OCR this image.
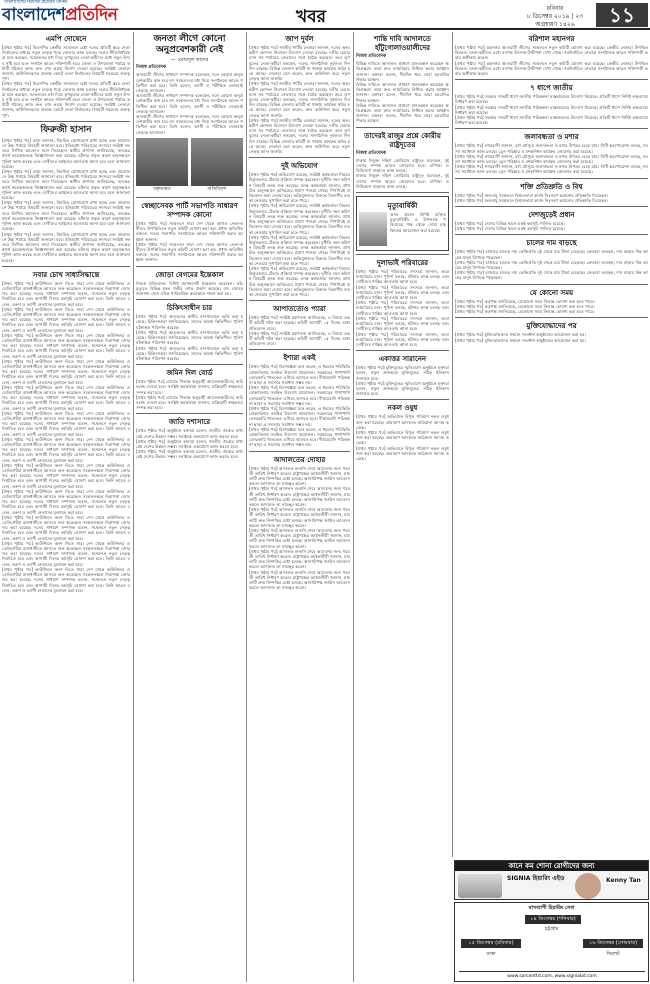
বাংলাদেশের সর্বাধিক প্রচারিত দৈনিক
বাংলাদেশপ্রতিদিন	খবর	রবিবার
৮ ডিসেম্বর ২০১৯ | ২৩ অগ্রহায়ণ ১৪২৬	১১
এমপি দোষেনে
[প্রথম পৃষ্ঠার পর] বিএনপির কেন্দ্রীয় সম্মেলনে চেষ্টা দলের প্রতিটি স্তরে নেতা নির্বাচনের মাধ্যমে নতুন নেতৃত্ব গড়ে তোলার কাজ চলছে। দলের নীতিনির্ধারকরা মনে করছেন, সম্মেলনের মধ্য দিয়ে তৃণমূলের নেতা-কর্মীদের মধ্যে নতুন উদ্যম সৃষ্টি হবে এবং সংগঠন আরও শক্তিশালী হবে। জেলা ও উপজেলা পর্যায়ে কমিটি গঠনের কাজ দ্রুত শেষ করার নির্দেশ দেওয়া হয়েছে। সংশ্লিষ্ট নেতারা জানান, কাউন্সিলরদের প্রত্যক্ষ ভোটে নেতা নির্বাচনের বিষয়টি সবচেয়ে গুরুত্বপূর্ণ।
[প্রথম পৃষ্ঠার পর] বিএনপির কেন্দ্রীয় সম্মেলনে চেষ্টা দলের প্রতিটি স্তরে নেতা নির্বাচনের মাধ্যমে নতুন নেতৃত্ব গড়ে তোলার কাজ চলছে। দলের নীতিনির্ধারকরা মনে করছেন, সম্মেলনের মধ্য দিয়ে তৃণমূলের নেতা-কর্মীদের মধ্যে নতুন উদ্যম সৃষ্টি হবে এবং সংগঠন আরও শক্তিশালী হবে। জেলা ও উপজেলা পর্যায়ে কমিটি গঠনের কাজ দ্রুত শেষ করার নির্দেশ দেওয়া হয়েছে। সংশ্লিষ্ট নেতারা জানান, কাউন্সিলরদের প্রত্যক্ষ ভোটে নেতা নির্বাচনের বিষয়টি সবচেয়ে গুরুত্বপূর্ণ।
ফিরুজী হাসান
[প্রথম পৃষ্ঠার পর] তারা জানান, নিয়মিত যোগাযোগ রাখা হচ্ছে এবং প্রয়োজনে উচ্চ পর্যায়ে বিষয়টি জানানো হবে। ইতিমধ্যে পরিবারের সদস্যরা সংশ্লিষ্ট দফতরে লিখিত আবেদন জমা দিয়েছেন। স্থানীয় প্রশাসন জানিয়েছে, তদন্তের স্বার্থে কয়েকজনকে জিজ্ঞাসাবাদ করা হয়েছে। ঘটনার প্রকৃত কারণ অনুসন্ধানে পুলিশ কাজ করছে এবং দোষীদের আইনের আওতায় আনা হবে বলে জানানো হয়েছে।
[প্রথম পৃষ্ঠার পর] তারা জানান, নিয়মিত যোগাযোগ রাখা হচ্ছে এবং প্রয়োজনে উচ্চ পর্যায়ে বিষয়টি জানানো হবে। ইতিমধ্যে পরিবারের সদস্যরা সংশ্লিষ্ট দফতরে লিখিত আবেদন জমা দিয়েছেন। স্থানীয় প্রশাসন জানিয়েছে, তদন্তের স্বার্থে কয়েকজনকে জিজ্ঞাসাবাদ করা হয়েছে। ঘটনার প্রকৃত কারণ অনুসন্ধানে পুলিশ কাজ করছে এবং দোষীদের আইনের আওতায় আনা হবে বলে জানানো হয়েছে।
[প্রথম পৃষ্ঠার পর] তারা জানান, নিয়মিত যোগাযোগ রাখা হচ্ছে এবং প্রয়োজনে উচ্চ পর্যায়ে বিষয়টি জানানো হবে। ইতিমধ্যে পরিবারের সদস্যরা সংশ্লিষ্ট দফতরে লিখিত আবেদন জমা দিয়েছেন। স্থানীয় প্রশাসন জানিয়েছে, তদন্তের স্বার্থে কয়েকজনকে জিজ্ঞাসাবাদ করা হয়েছে। ঘটনার প্রকৃত কারণ অনুসন্ধানে পুলিশ কাজ করছে এবং দোষীদের আইনের আওতায় আনা হবে বলে জানানো হয়েছে।
[প্রথম পৃষ্ঠার পর] তারা জানান, নিয়মিত যোগাযোগ রাখা হচ্ছে এবং প্রয়োজনে উচ্চ পর্যায়ে বিষয়টি জানানো হবে। ইতিমধ্যে পরিবারের সদস্যরা সংশ্লিষ্ট দফতরে লিখিত আবেদন জমা দিয়েছেন। স্থানীয় প্রশাসন জানিয়েছে, তদন্তের স্বার্থে কয়েকজনকে জিজ্ঞাসাবাদ করা হয়েছে। ঘটনার প্রকৃত কারণ অনুসন্ধানে পুলিশ কাজ করছে এবং দোষীদের আইনের আওতায় আনা হবে বলে জানানো হয়েছে।
সবার চোখ সাধ্যসিদ্ধান্তে
[প্রথম পৃষ্ঠার পর] কাউন্সিলে অংশ নিতে সারা দেশ থেকে কাউন্সিলর ও ডেলিগেটরা রাজধানীতে আসতে শুরু করেছেন। সম্মেলনস্থলে নিরাপত্তা জোরদার করা হয়েছে। দলের সাধারণ সম্পাদক বলেন, সম্মেলনে নতুন নেতৃত্ব নির্বাচিত হবে এবং আগামী দিনের কর্মসূচি ঘোষণা করা হবে। তিনি আরও বলেন, তরুণ ও ত্যাগী নেতাদের মূল্যায়ন করা হবে।
[প্রথম পৃষ্ঠার পর] কাউন্সিলে অংশ নিতে সারা দেশ থেকে কাউন্সিলর ও ডেলিগেটরা রাজধানীতে আসতে শুরু করেছেন। সম্মেলনস্থলে নিরাপত্তা জোরদার করা হয়েছে। দলের সাধারণ সম্পাদক বলেন, সম্মেলনে নতুন নেতৃত্ব নির্বাচিত হবে এবং আগামী দিনের কর্মসূচি ঘোষণা করা হবে। তিনি আরও বলেন, তরুণ ও ত্যাগী নেতাদের মূল্যায়ন করা হবে।
[প্রথম পৃষ্ঠার পর] কাউন্সিলে অংশ নিতে সারা দেশ থেকে কাউন্সিলর ও ডেলিগেটরা রাজধানীতে আসতে শুরু করেছেন। সম্মেলনস্থলে নিরাপত্তা জোরদার করা হয়েছে। দলের সাধারণ সম্পাদক বলেন, সম্মেলনে নতুন নেতৃত্ব নির্বাচিত হবে এবং আগামী দিনের কর্মসূচি ঘোষণা করা হবে। তিনি আরও বলেন, তরুণ ও ত্যাগী নেতাদের মূল্যায়ন করা হবে।
[প্রথম পৃষ্ঠার পর] কাউন্সিলে অংশ নিতে সারা দেশ থেকে কাউন্সিলর ও ডেলিগেটরা রাজধানীতে আসতে শুরু করেছেন। সম্মেলনস্থলে নিরাপত্তা জোরদার করা হয়েছে। দলের সাধারণ সম্পাদক বলেন, সম্মেলনে নতুন নেতৃত্ব নির্বাচিত হবে এবং আগামী দিনের কর্মসূচি ঘোষণা করা হবে। তিনি আরও বলেন, তরুণ ও ত্যাগী নেতাদের মূল্যায়ন করা হবে।
[প্রথম পৃষ্ঠার পর] কাউন্সিলে অংশ নিতে সারা দেশ থেকে কাউন্সিলর ও ডেলিগেটরা রাজধানীতে আসতে শুরু করেছেন। সম্মেলনস্থলে নিরাপত্তা জোরদার করা হয়েছে। দলের সাধারণ সম্পাদক বলেন, সম্মেলনে নতুন নেতৃত্ব নির্বাচিত হবে এবং আগামী দিনের কর্মসূচি ঘোষণা করা হবে। তিনি আরও বলেন, তরুণ ও ত্যাগী নেতাদের মূল্যায়ন করা হবে।
[প্রথম পৃষ্ঠার পর] কাউন্সিলে অংশ নিতে সারা দেশ থেকে কাউন্সিলর ও ডেলিগেটরা রাজধানীতে আসতে শুরু করেছেন। সম্মেলনস্থলে নিরাপত্তা জোরদার করা হয়েছে। দলের সাধারণ সম্পাদক বলেন, সম্মেলনে নতুন নেতৃত্ব নির্বাচিত হবে এবং আগামী দিনের কর্মসূচি ঘোষণা করা হবে। তিনি আরও বলেন, তরুণ ও ত্যাগী নেতাদের মূল্যায়ন করা হবে।
[প্রথম পৃষ্ঠার পর] কাউন্সিলে অংশ নিতে সারা দেশ থেকে কাউন্সিলর ও ডেলিগেটরা রাজধানীতে আসতে শুরু করেছেন। সম্মেলনস্থলে নিরাপত্তা জোরদার করা হয়েছে। দলের সাধারণ সম্পাদক বলেন, সম্মেলনে নতুন নেতৃত্ব নির্বাচিত হবে এবং আগামী দিনের কর্মসূচি ঘোষণা করা হবে। তিনি আরও বলেন, তরুণ ও ত্যাগী নেতাদের মূল্যায়ন করা হবে।
[প্রথম পৃষ্ঠার পর] কাউন্সিলে অংশ নিতে সারা দেশ থেকে কাউন্সিলর ও ডেলিগেটরা রাজধানীতে আসতে শুরু করেছেন। সম্মেলনস্থলে নিরাপত্তা জোরদার করা হয়েছে। দলের সাধারণ সম্পাদক বলেন, সম্মেলনে নতুন নেতৃত্ব নির্বাচিত হবে এবং আগামী দিনের কর্মসূচি ঘোষণা করা হবে। তিনি আরও বলেন, তরুণ ও ত্যাগী নেতাদের মূল্যায়ন করা হবে।
[প্রথম পৃষ্ঠার পর] কাউন্সিলে অংশ নিতে সারা দেশ থেকে কাউন্সিলর ও ডেলিগেটরা রাজধানীতে আসতে শুরু করেছেন। সম্মেলনস্থলে নিরাপত্তা জোরদার করা হয়েছে। দলের সাধারণ সম্পাদক বলেন, সম্মেলনে নতুন নেতৃত্ব নির্বাচিত হবে এবং আগামী দিনের কর্মসূচি ঘোষণা করা হবে। তিনি আরও বলেন, তরুণ ও ত্যাগী নেতাদের মূল্যায়ন করা হবে।
[প্রথম পৃষ্ঠার পর] কাউন্সিলে অংশ নিতে সারা দেশ থেকে কাউন্সিলর ও ডেলিগেটরা রাজধানীতে আসতে শুরু করেছেন। সম্মেলনস্থলে নিরাপত্তা জোরদার করা হয়েছে। দলের সাধারণ সম্পাদক বলেন, সম্মেলনে নতুন নেতৃত্ব নির্বাচিত হবে এবং আগামী দিনের কর্মসূচি ঘোষণা করা হবে। তিনি আরও বলেন, তরুণ ও ত্যাগী নেতাদের মূল্যায়ন করা হবে।
[প্রথম পৃষ্ঠার পর] কাউন্সিলে অংশ নিতে সারা দেশ থেকে কাউন্সিলর ও ডেলিগেটরা রাজধানীতে আসতে শুরু করেছেন। সম্মেলনস্থলে নিরাপত্তা জোরদার করা হয়েছে। দলের সাধারণ সম্পাদক বলেন, সম্মেলনে নতুন নেতৃত্ব নির্বাচিত হবে এবং আগামী দিনের কর্মসূচি ঘোষণা করা হবে। তিনি আরও বলেন, তরুণ ও ত্যাগী নেতাদের মূল্যায়ন করা হবে।
[প্রথম পৃষ্ঠার পর] কাউন্সিলে অংশ নিতে সারা দেশ থেকে কাউন্সিলর ও ডেলিগেটরা রাজধানীতে আসতে শুরু করেছেন। সম্মেলনস্থলে নিরাপত্তা জোরদার করা হয়েছে। দলের সাধারণ সম্পাদক বলেন, সম্মেলনে নতুন নেতৃত্ব নির্বাচিত হবে এবং আগামী দিনের কর্মসূচি ঘোষণা করা হবে। তিনি আরও বলেন, তরুণ ও ত্যাগী নেতাদের মূল্যায়ন করা হবে।
জনতা লীগে কোনো অনুপ্রবেশকারী নেই
— ওবায়দুল কাদের
নিজস্ব প্রতিবেদক
আওয়ামী লীগের সাধারণ সম্পাদক বলেছেন, দলে কোনো অনুপ্রবেশকারীর স্থান হবে না। সম্মেলনের মধ্য দিয়ে সংগঠনকে আরও গতিশীল করা হবে। তিনি বলেন, ত্যাগী ও পরীক্ষিত নেতারাই নেতৃত্বে আসবেন।
আওয়ামী লীগের সাধারণ সম্পাদক বলেছেন, দলে কোনো অনুপ্রবেশকারীর স্থান হবে না। সম্মেলনের মধ্য দিয়ে সংগঠনকে আরও গতিশীল করা হবে। তিনি বলেন, ত্যাগী ও পরীক্ষিত নেতারাই নেতৃত্বে আসবেন।
আওয়ামী লীগের সাধারণ সম্পাদক বলেছেন, দলে কোনো অনুপ্রবেশকারীর স্থান হবে না। সম্মেলনের মধ্য দিয়ে সংগঠনকে আরও গতিশীল করা হবে। তিনি বলেন, ত্যাগী ও পরীক্ষিত নেতারাই নেতৃত্বে আসবেন।
বক্তৃতারত	অতিথিবৃন্দ
স্বেচ্ছাসেবক পার্টি সভাপতি সাধারণ সম্পাদক কোনো
[প্রথম পৃষ্ঠার পর] সম্মেলনে সারা দেশ থেকে আগত নেতা-কর্মীদের উপস্থিতিতে নতুন কমিটি ঘোষণা করা হয়। প্রধান অতিথির বক্তব্যে দলের সভাপতি সংগঠনকে আরও শক্তিশালী করার আহ্বান জানান।
[প্রথম পৃষ্ঠার পর] সম্মেলনে সারা দেশ থেকে আগত নেতা-কর্মীদের উপস্থিতিতে নতুন কমিটি ঘোষণা করা হয়। প্রধান অতিথির বক্তব্যে দলের সভাপতি সংগঠনকে আরও শক্তিশালী করার আহ্বান জানান।
জোড়া বেগমের ইন্তেকাল
নিজস্ব প্রতিবেদক: বিশিষ্ট সমাজসেবী ইন্তেকাল করেছেন। তাঁর মৃত্যুতে বিভিন্ন মহল গভীর শোক প্রকাশ করেছে। বাদ জোহর জানাজা শেষে তাঁকে পারিবারিক কবরস্থানে দাফন করা হয়।
চিকিৎসাধীন চার
[প্রথম পৃষ্ঠার পর] আহতদের স্থানীয় হাসপাতালে ভর্তি করা হয়েছে। চিকিৎসকরা জানিয়েছেন, তাদের অবস্থা স্থিতিশীল। পুলিশ ঘটনাস্থল পরিদর্শন করেছে।
[প্রথম পৃষ্ঠার পর] আহতদের স্থানীয় হাসপাতালে ভর্তি করা হয়েছে। চিকিৎসকরা জানিয়েছেন, তাদের অবস্থা স্থিতিশীল। পুলিশ ঘটনাস্থল পরিদর্শন করেছে।
[প্রথম পৃষ্ঠার পর] আহতদের স্থানীয় হাসপাতালে ভর্তি করা হয়েছে। চিকিৎসকরা জানিয়েছেন, তাদের অবস্থা স্থিতিশীল। পুলিশ ঘটনাস্থল পরিদর্শন করেছে।
জমিন দিল বোর্ড
[প্রথম পৃষ্ঠার পর] বোর্ডের সিদ্ধান্ত অনুযায়ী আবেদনকারীদের জমি বরাদ্দ দেওয়া হবে। সংশ্লিষ্ট কর্মকর্তারা জানান, প্রক্রিয়াটি স্বচ্ছভাবে সম্পন্ন করা হবে।
[প্রথম পৃষ্ঠার পর] বোর্ডের সিদ্ধান্ত অনুযায়ী আবেদনকারীদের জমি বরাদ্দ দেওয়া হবে। সংশ্লিষ্ট কর্মকর্তারা জানান, প্রক্রিয়াটি স্বচ্ছভাবে সম্পন্ন করা হবে।
জাতি দশাসারে
[প্রথম পৃষ্ঠার পর] অনুষ্ঠানে বক্তারা বলেন, জাতীয় ঐক্যের মাধ্যমেই দেশের উন্নয়ন সম্ভব। সবাইকে একযোগে কাজ করতে হবে।
[প্রথম পৃষ্ঠার পর] অনুষ্ঠানে বক্তারা বলেন, জাতীয় ঐক্যের মাধ্যমেই দেশের উন্নয়ন সম্ভব। সবাইকে একযোগে কাজ করতে হবে।
[প্রথম পৃষ্ঠার পর] অনুষ্ঠানে বক্তারা বলেন, জাতীয় ঐক্যের মাধ্যমেই দেশের উন্নয়ন সম্ভব। সবাইকে একযোগে কাজ করতে হবে।
জাপ দুর্বল
[প্রথম পৃষ্ঠার পর] জাতীয় পার্টির নেতারা জানান, দলের অভ্যন্তরীণ কোন্দল নিরসনে উদ্যোগ নেওয়া হয়েছে। দলীয় চেয়ারম্যান সব পর্যায়ের নেতাদের সঙ্গে বৈঠক করছেন। তবে তৃণমূলের নেতা-কর্মীরা বলছেন, দলের সাংগঠনিক দুর্বলতা দিন দিন বাড়ছে। বিভিন্ন জেলায় কমিটি না থাকায় কার্যক্রম স্থবির হয়ে আছে। নেতারা মনে করেন, দ্রুত কাউন্সিল করে নতুন নেতৃত্ব আনা জরুরি।
[প্রথম পৃষ্ঠার পর] জাতীয় পার্টির নেতারা জানান, দলের অভ্যন্তরীণ কোন্দল নিরসনে উদ্যোগ নেওয়া হয়েছে। দলীয় চেয়ারম্যান সব পর্যায়ের নেতাদের সঙ্গে বৈঠক করছেন। তবে তৃণমূলের নেতা-কর্মীরা বলছেন, দলের সাংগঠনিক দুর্বলতা দিন দিন বাড়ছে। বিভিন্ন জেলায় কমিটি না থাকায় কার্যক্রম স্থবির হয়ে আছে। নেতারা মনে করেন, দ্রুত কাউন্সিল করে নতুন নেতৃত্ব আনা জরুরি।
[প্রথম পৃষ্ঠার পর] জাতীয় পার্টির নেতারা জানান, দলের অভ্যন্তরীণ কোন্দল নিরসনে উদ্যোগ নেওয়া হয়েছে। দলীয় চেয়ারম্যান সব পর্যায়ের নেতাদের সঙ্গে বৈঠক করছেন। তবে তৃণমূলের নেতা-কর্মীরা বলছেন, দলের সাংগঠনিক দুর্বলতা দিন দিন বাড়ছে। বিভিন্ন জেলায় কমিটি না থাকায় কার্যক্রম স্থবির হয়ে আছে। নেতারা মনে করেন, দ্রুত কাউন্সিল করে নতুন নেতৃত্ব আনা জরুরি।
দুই অভিযোগ
[প্রথম পৃষ্ঠার পর] অভিযোগ রয়েছে, সংশ্লিষ্ট কর্মকর্তারা নিয়মবহির্ভূতভাবে টেন্ডার প্রক্রিয়া সম্পন্ন করেছেন। দুর্নীতি দমন কমিশন বিষয়টি তদন্ত শুরু করেছে। তদন্ত কর্মকর্তারা জানান, প্রাথমিক অনুসন্ধানে অনিয়মের প্রমাণ পাওয়া গেছে। শিগগিরই প্রতিবেদন জমা দেওয়া হবে। অভিযুক্তদের বিরুদ্ধে বিভাগীয় ব্যবস্থা নেওয়ার সুপারিশ করা হতে পারে।
[প্রথম পৃষ্ঠার পর] অভিযোগ রয়েছে, সংশ্লিষ্ট কর্মকর্তারা নিয়মবহির্ভূতভাবে টেন্ডার প্রক্রিয়া সম্পন্ন করেছেন। দুর্নীতি দমন কমিশন বিষয়টি তদন্ত শুরু করেছে। তদন্ত কর্মকর্তারা জানান, প্রাথমিক অনুসন্ধানে অনিয়মের প্রমাণ পাওয়া গেছে। শিগগিরই প্রতিবেদন জমা দেওয়া হবে। অভিযুক্তদের বিরুদ্ধে বিভাগীয় ব্যবস্থা নেওয়ার সুপারিশ করা হতে পারে।
[প্রথম পৃষ্ঠার পর] অভিযোগ রয়েছে, সংশ্লিষ্ট কর্মকর্তারা নিয়মবহির্ভূতভাবে টেন্ডার প্রক্রিয়া সম্পন্ন করেছেন। দুর্নীতি দমন কমিশন বিষয়টি তদন্ত শুরু করেছে। তদন্ত কর্মকর্তারা জানান, প্রাথমিক অনুসন্ধানে অনিয়মের প্রমাণ পাওয়া গেছে। শিগগিরই প্রতিবেদন জমা দেওয়া হবে। অভিযুক্তদের বিরুদ্ধে বিভাগীয় ব্যবস্থা নেওয়ার সুপারিশ করা হতে পারে।
[প্রথম পৃষ্ঠার পর] অভিযোগ রয়েছে, সংশ্লিষ্ট কর্মকর্তারা নিয়মবহির্ভূতভাবে টেন্ডার প্রক্রিয়া সম্পন্ন করেছেন। দুর্নীতি দমন কমিশন বিষয়টি তদন্ত শুরু করেছে। তদন্ত কর্মকর্তারা জানান, প্রাথমিক অনুসন্ধানে অনিয়মের প্রমাণ পাওয়া গেছে। শিগগিরই প্রতিবেদন জমা দেওয়া হবে। অভিযুক্তদের বিরুদ্ধে বিভাগীয় ব্যবস্থা নেওয়ার সুপারিশ করা হতে পারে।
আপাতত্যেও প্যারা
[প্রথম পৃষ্ঠার পর] সংশ্লিষ্ট মন্ত্রণালয় জানিয়েছে, এ বিষয়ে একটি কমিটি গঠন করা হয়েছে। কমিটি আগামী ১৫ দিনের মধ্যে প্রতিবেদন দেবে।
[প্রথম পৃষ্ঠার পর] সংশ্লিষ্ট মন্ত্রণালয় জানিয়েছে, এ বিষয়ে একটি কমিটি গঠন করা হয়েছে। কমিটি আগামী ১৫ দিনের মধ্যে প্রতিবেদন দেবে।
ইশারা একই
[প্রথম পৃষ্ঠার পর] বিশেষজ্ঞরা মনে করেন, এ ধরনের পরিস্থিতি মোকাবিলায় সমন্বিত উদ্যোগ প্রয়োজন। সরকারের পাশাপাশি বেসরকারি খাতকেও এগিয়ে আসতে হবে। দীর্ঘমেয়াদি পরিকল্পনা ছাড়া এ সমস্যার সমাধান সম্ভব নয়।
[প্রথম পৃষ্ঠার পর] বিশেষজ্ঞরা মনে করেন, এ ধরনের পরিস্থিতি মোকাবিলায় সমন্বিত উদ্যোগ প্রয়োজন। সরকারের পাশাপাশি বেসরকারি খাতকেও এগিয়ে আসতে হবে। দীর্ঘমেয়াদি পরিকল্পনা ছাড়া এ সমস্যার সমাধান সম্ভব নয়।
[প্রথম পৃষ্ঠার পর] বিশেষজ্ঞরা মনে করেন, এ ধরনের পরিস্থিতি মোকাবিলায় সমন্বিত উদ্যোগ প্রয়োজন। সরকারের পাশাপাশি বেসরকারি খাতকেও এগিয়ে আসতে হবে। দীর্ঘমেয়াদি পরিকল্পনা ছাড়া এ সমস্যার সমাধান সম্ভব নয়।
[প্রথম পৃষ্ঠার পর] বিশেষজ্ঞরা মনে করেন, এ ধরনের পরিস্থিতি মোকাবিলায় সমন্বিত উদ্যোগ প্রয়োজন। সরকারের পাশাপাশি বেসরকারি খাতকেও এগিয়ে আসতে হবে। দীর্ঘমেয়াদি পরিকল্পনা ছাড়া এ সমস্যার সমাধান সম্ভব নয়।
আদালতের দোহার
[প্রথম পৃষ্ঠার পর] আদালত শুনানি শেষে আদেশের জন্য পরবর্তী তারিখ নির্ধারণ করেন। রাষ্ট্রপক্ষের আইনজীবী জানান, মামলাটি দ্রুত নিষ্পত্তির চেষ্টা চলছে। আসামিপক্ষ জামিন আবেদন করলে আদালত তা নামঞ্জুর করেন।
[প্রথম পৃষ্ঠার পর] আদালত শুনানি শেষে আদেশের জন্য পরবর্তী তারিখ নির্ধারণ করেন। রাষ্ট্রপক্ষের আইনজীবী জানান, মামলাটি দ্রুত নিষ্পত্তির চেষ্টা চলছে। আসামিপক্ষ জামিন আবেদন করলে আদালত তা নামঞ্জুর করেন।
[প্রথম পৃষ্ঠার পর] আদালত শুনানি শেষে আদেশের জন্য পরবর্তী তারিখ নির্ধারণ করেন। রাষ্ট্রপক্ষের আইনজীবী জানান, মামলাটি দ্রুত নিষ্পত্তির চেষ্টা চলছে। আসামিপক্ষ জামিন আবেদন করলে আদালত তা নামঞ্জুর করেন।
[প্রথম পৃষ্ঠার পর] আদালত শুনানি শেষে আদেশের জন্য পরবর্তী তারিখ নির্ধারণ করেন। রাষ্ট্রপক্ষের আইনজীবী জানান, মামলাটি দ্রুত নিষ্পত্তির চেষ্টা চলছে। আসামিপক্ষ জামিন আবেদন করলে আদালত তা নামঞ্জুর করেন।
[প্রথম পৃষ্ঠার পর] আদালত শুনানি শেষে আদেশের জন্য পরবর্তী তারিখ নির্ধারণ করেন। রাষ্ট্রপক্ষের আইনজীবী জানান, মামলাটি দ্রুত নিষ্পত্তির চেষ্টা চলছে। আসামিপক্ষ জামিন আবেদন করলে আদালত তা নামঞ্জুর করেন।
[প্রথম পৃষ্ঠার পর] আদালত শুনানি শেষে আদেশের জন্য পরবর্তী তারিখ নির্ধারণ করেন। রাষ্ট্রপক্ষের আইনজীবী জানান, মামলাটি দ্রুত নিষ্পত্তির চেষ্টা চলছে। আসামিপক্ষ জামিন আবেদন করলে আদালত তা নামঞ্জুর করেন।
শান্তি দাবি আদালতে হাঁটুগোলাওয়ালীদের
নিজস্ব প্রতিবেদক
বিভিন্ন দাবিতে আদালত প্রাঙ্গণে মানববন্ধন করেছেন ক্ষতিগ্রস্তরা। তারা দ্রুত ন্যায়বিচার নিশ্চিত করার আহ্বান জানান। বক্তারা বলেন, দীর্ঘদিন ধরে তারা হয়রানির শিকার হচ্ছেন।
বিভিন্ন দাবিতে আদালত প্রাঙ্গণে মানববন্ধন করেছেন ক্ষতিগ্রস্তরা। তারা দ্রুত ন্যায়বিচার নিশ্চিত করার আহ্বান জানান। বক্তারা বলেন, দীর্ঘদিন ধরে তারা হয়রানির শিকার হচ্ছেন।
বিভিন্ন দাবিতে আদালত প্রাঙ্গণে মানববন্ধন করেছেন ক্ষতিগ্রস্তরা। তারা দ্রুত ন্যায়বিচার নিশ্চিত করার আহ্বান জানান। বক্তারা বলেন, দীর্ঘদিন ধরে তারা হয়রানির শিকার হচ্ছেন।
তাদেরই রাজুর প্রশ্নে কোরীয় রাষ্ট্রদূতের
নিজস্ব প্রতিবেদক
ঢাকায় নিযুক্ত দক্ষিণ কোরিয়ার রাষ্ট্রদূত বলেছেন, দুই দেশের সম্পর্ক আরও জোরদার হবে। বাণিজ্য ও বিনিয়োগ বাড়াতে কাজ চলছে।
ঢাকায় নিযুক্ত দক্ষিণ কোরিয়ার রাষ্ট্রদূত বলেছেন, দুই দেশের সম্পর্ক আরও জোরদার হবে। বাণিজ্য ও বিনিয়োগ বাড়াতে কাজ চলছে।
মৃত্যুবার্ষিকী
আজ প্রয়াত বিশিষ্ট ব্যক্তির মৃত্যুবার্ষিকী। এ উপলক্ষে পরিবারের পক্ষ থেকে দোয়া মাহফিলের আয়োজন করা হয়েছে।
দুলাভাই পরিবারের
[প্রথম পৃষ্ঠার পর] পরিবারের সদস্যরা জানান, তারা ন্যায়বিচার চান। পুলিশ বলছে, ঘটনার তদন্ত চলছে এবং দোষীদের শাস্তির আওতায় আনা হবে।
[প্রথম পৃষ্ঠার পর] পরিবারের সদস্যরা জানান, তারা ন্যায়বিচার চান। পুলিশ বলছে, ঘটনার তদন্ত চলছে এবং দোষীদের শাস্তির আওতায় আনা হবে।
[প্রথম পৃষ্ঠার পর] পরিবারের সদস্যরা জানান, তারা ন্যায়বিচার চান। পুলিশ বলছে, ঘটনার তদন্ত চলছে এবং দোষীদের শাস্তির আওতায় আনা হবে।
[প্রথম পৃষ্ঠার পর] পরিবারের সদস্যরা জানান, তারা ন্যায়বিচার চান। পুলিশ বলছে, ঘটনার তদন্ত চলছে এবং দোষীদের শাস্তির আওতায় আনা হবে।
[প্রথম পৃষ্ঠার পর] পরিবারের সদস্যরা জানান, তারা ন্যায়বিচার চান। পুলিশ বলছে, ঘটনার তদন্ত চলছে এবং দোষীদের শাস্তির আওতায় আনা হবে।
একাত্তর সারানেন
[প্রথম পৃষ্ঠার পর] মুক্তিযুদ্ধের স্মৃতিচারণ অনুষ্ঠানে বক্তারা বলেন, নতুন প্রজন্মকে মুক্তিযুদ্ধের সঠিক ইতিহাস জানাতে হবে।
[প্রথম পৃষ্ঠার পর] মুক্তিযুদ্ধের স্মৃতিচারণ অনুষ্ঠানে বক্তারা বলেন, নতুন প্রজন্মকে মুক্তিযুদ্ধের সঠিক ইতিহাস জানাতে হবে।
নকল ওষুধ
[প্রথম পৃষ্ঠার পর] অভিযানে বিপুল পরিমাণ নকল ওষুধ জব্দ করা হয়েছে। ভ্রাম্যমাণ আদালত জরিমানা আদায় করেছে।
[প্রথম পৃষ্ঠার পর] অভিযানে বিপুল পরিমাণ নকল ওষুধ জব্দ করা হয়েছে। ভ্রাম্যমাণ আদালত জরিমানা আদায় করেছে।
[প্রথম পৃষ্ঠার পর] অভিযানে বিপুল পরিমাণ নকল ওষুধ জব্দ করা হয়েছে। ভ্রাম্যমাণ আদালত জরিমানা আদায় করেছে।
বরিশাল মহানগর
[প্রথম পৃষ্ঠার পর] মহানগর আওয়ামী লীগের সম্মেলনে নতুন কমিটি ঘোষণা করা হয়েছে। কেন্দ্রীয় নেতারা উপস্থিত ছিলেন। নেতা-কর্মীদের মধ্যে ব্যাপক উৎসাহ-উদ্দীপনা দেখা গেছে। নবনির্বাচিত নেতারা সংগঠনকে আরও শক্তিশালী করার অঙ্গীকার করেন।
[প্রথম পৃষ্ঠার পর] মহানগর আওয়ামী লীগের সম্মেলনে নতুন কমিটি ঘোষণা করা হয়েছে। কেন্দ্রীয় নেতারা উপস্থিত ছিলেন। নেতা-কর্মীদের মধ্যে ব্যাপক উৎসাহ-উদ্দীপনা দেখা গেছে। নবনির্বাচিত নেতারা সংগঠনকে আরও শক্তিশালী করার অঙ্গীকার করেন।
৭ ধাপে জাতীয়
[প্রথম পৃষ্ঠার পর] সরকার সাতটি ধাপে জাতীয় পরিকল্পনা বাস্তবায়নের উদ্যোগ নিয়েছে। প্রতিটি ধাপে নির্দিষ্ট লক্ষ্যমাত্রা নির্ধারণ করা হয়েছে।
[প্রথম পৃষ্ঠার পর] সরকার সাতটি ধাপে জাতীয় পরিকল্পনা বাস্তবায়নের উদ্যোগ নিয়েছে। প্রতিটি ধাপে নির্দিষ্ট লক্ষ্যমাত্রা নির্ধারণ করা হয়েছে।
[প্রথম পৃষ্ঠার পর] সরকার সাতটি ধাপে জাতীয় পরিকল্পনা বাস্তবায়নের উদ্যোগ নিয়েছে। প্রতিটি ধাপে নির্দিষ্ট লক্ষ্যমাত্রা নির্ধারণ করা হয়েছে।
জলাবন্ধতা ও মশার
[প্রথম পৃষ্ঠার পর] নগরবাসী জানান, বর্ষা মৌসুমে জলাবদ্ধতা ও মশার উপদ্রব বেড়ে যায়। সিটি করপোরেশন বলছে, সমস্যা সমাধানে কাজ চলছে। ড্রেন পরিষ্কার ও মশকনিধন কার্যক্রম জোরদার করা হয়েছে।
[প্রথম পৃষ্ঠার পর] নগরবাসী জানান, বর্ষা মৌসুমে জলাবদ্ধতা ও মশার উপদ্রব বেড়ে যায়। সিটি করপোরেশন বলছে, সমস্যা সমাধানে কাজ চলছে। ড্রেন পরিষ্কার ও মশকনিধন কার্যক্রম জোরদার করা হয়েছে।
[প্রথম পৃষ্ঠার পর] নগরবাসী জানান, বর্ষা মৌসুমে জলাবদ্ধতা ও মশার উপদ্রব বেড়ে যায়। সিটি করপোরেশন বলছে, সমস্যা সমাধানে কাজ চলছে। ড্রেন পরিষ্কার ও মশকনিধন কার্যক্রম জোরদার করা হয়েছে।
শক্তি প্রতিশ্রুতি ও বিশ্ব
[প্রথম পৃষ্ঠার পর] জলবায়ু সম্মেলনে বিশ্বনেতারা কার্বন নিঃসরণ কমানোর প্রতিশ্রুতি দিয়েছেন।
[প্রথম পৃষ্ঠার পর] জলবায়ু সম্মেলনে বিশ্বনেতারা কার্বন নিঃসরণ কমানোর প্রতিশ্রুতি দিয়েছেন।
দেশজুড়েই প্রধান
[প্রথম পৃষ্ঠার পর] দেশের বিভিন্ন স্থানে একই কর্মসূচি পালিত হয়েছে।
[প্রথম পৃষ্ঠার পর] দেশের বিভিন্ন স্থানে একই কর্মসূচি পালিত হয়েছে।
চালের দাম বাড়ছে
[প্রথম পৃষ্ঠার পর] বাজারে চালের দাম কেজিপ্রতি দুই থেকে চার টাকা বেড়েছে। ক্রেতারা বলছেন, দাম বাড়ায় নিম্ন আয়ের মানুষ বিপাকে পড়েছেন।
[প্রথম পৃষ্ঠার পর] বাজারে চালের দাম কেজিপ্রতি দুই থেকে চার টাকা বেড়েছে। ক্রেতারা বলছেন, দাম বাড়ায় নিম্ন আয়ের মানুষ বিপাকে পড়েছেন।
[প্রথম পৃষ্ঠার পর] বাজারে চালের দাম কেজিপ্রতি দুই থেকে চার টাকা বেড়েছে। ক্রেতারা বলছেন, দাম বাড়ায় নিম্ন আয়ের মানুষ বিপাকে পড়েছেন।
যে কোনো সময়
[প্রথম পৃষ্ঠার পর] কর্তৃপক্ষ জানিয়েছে, যেকোনো সময় সিদ্ধান্ত ঘোষণা করা হতে পারে।
[প্রথম পৃষ্ঠার পর] কর্তৃপক্ষ জানিয়েছে, যেকোনো সময় সিদ্ধান্ত ঘোষণা করা হতে পারে।
[প্রথম পৃষ্ঠার পর] কর্তৃপক্ষ জানিয়েছে, যেকোনো সময় সিদ্ধান্ত ঘোষণা করা হতে পারে।
মুক্তিযোদ্ধাদের পর
[প্রথম পৃষ্ঠার পর] মুক্তিযোদ্ধাদের সম্মানে সংবর্ধনা অনুষ্ঠানের আয়োজন করা হয়।
[প্রথম পৃষ্ঠার পর] মুক্তিযোদ্ধাদের সম্মানে সংবর্ধনা অনুষ্ঠানের আয়োজন করা হয়।
কানে কম শোনা রোগীদের জন্য
SIGNIA হিয়ারিং এইড	Kenny Tan
মাসব্যাপী হিয়ারিং সেবা
১৪ ডিসেম্বর (শনিবার)
চট্টগ্রাম
১৫ ডিসেম্বর (রবিবার)	১৬ ডিসেম্বর (সোমবার)
ঢাকা	সিলেট
www.sarcenttd.com, www.signiabd.com
